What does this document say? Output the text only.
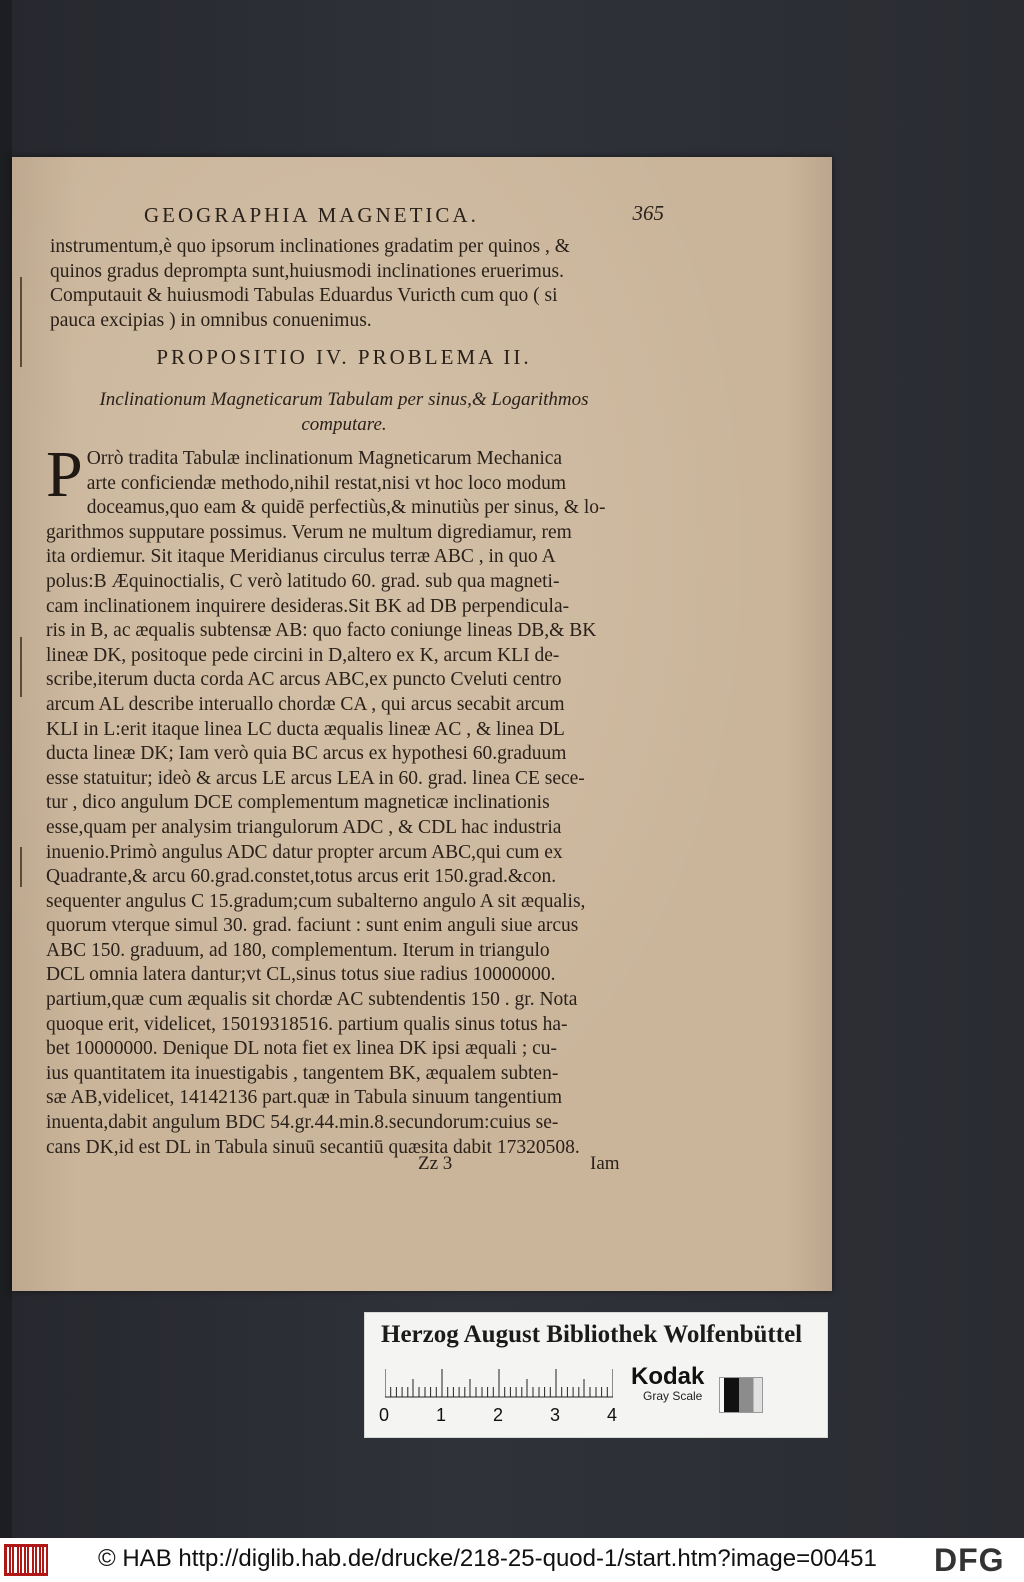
GEOGRAPHIA MAGNETICA.	365
instrumentum,è quo ipsorum inclinationes gradatim per quinos , &
quinos gradus deprompta sunt,huiusmodi inclinationes eruerimus.
Computauit & huiusmodi Tabulas Eduardus Vuricth cum quo ( si
pauca excipias ) in omnibus conuenimus.
PROPOSITIO IV. PROBLEMA II.
Inclinationum Magneticarum Tabulam per sinus,& Logarithmos
computare.
P Orrò tradita Tabulæ inclinationum Magneticarum Mechanica
arte conficiendæ methodo,nihil restat,nisi vt hoc loco modum
doceamus,quo eam & quidē perfectiùs,& minutiùs per sinus, & lo-
garithmos supputare possimus. Verum ne multum digrediamur, rem
ita ordiemur. Sit itaque Meridianus circulus terræ ABC , in quo A
polus:B Æquinoctialis, C verò latitudo 60. grad. sub qua magneti-
cam inclinationem inquirere desideras.Sit BK ad DB perpendicula-
ris in B, ac æqualis subtensæ AB: quo facto coniunge lineas DB,& BK
lineæ DK, positoque pede circini in D,altero ex K, arcum KLI de-
scribe,iterum ducta corda AC arcus ABC,ex puncto Cveluti centro
arcum AL describe interuallo chordæ CA , qui arcus secabit arcum
KLI in L:erit itaque linea LC ducta æqualis lineæ AC , & linea DL
ducta lineæ DK; Iam verò quia BC arcus ex hypothesi 60.graduum
esse statuitur; ideò & arcus LE arcus LEA in 60. grad. linea CE sece-
tur , dico angulum DCE complementum magneticæ inclinationis
esse,quam per analysim triangulorum ADC , & CDL hac industria
inuenio.Primò angulus ADC datur propter arcum ABC,qui cum ex
Quadrante,& arcu 60.grad.constet,totus arcus erit 150.grad.&con.
sequenter angulus C 15.gradum;cum subalterno angulo A sit æqualis,
quorum vterque simul 30. grad. faciunt : sunt enim anguli siue arcus
ABC 150. graduum, ad 180, complementum. Iterum in triangulo
DCL omnia latera dantur;vt CL,sinus totus siue radius 10000000.
partium,quæ cum æqualis sit chordæ AC subtendentis 150 . gr. Nota
quoque erit, videlicet, 15019318516. partium qualis sinus totus ha-
bet 10000000. Denique DL nota fiet ex linea DK ipsi æquali ; cu-
ius quantitatem ita inuestigabis , tangentem BK, æqualem subten-
sæ AB,videlicet, 14142136 part.quæ in Tabula sinuum tangentium
inuenta,dabit angulum BDC 54.gr.44.min.8.secundorum:cuius se-
cans DK,id est DL in Tabula sinuū secantiū quæsita dabit 17320508.
Zz 3	Iam
Herzog August Bibliothek Wolfenbüttel
0	1	2	3	4
Kodak
Gray Scale
© HAB http://diglib.hab.de/drucke/218-25-quod-1/start.htm?image=00451 DFG
